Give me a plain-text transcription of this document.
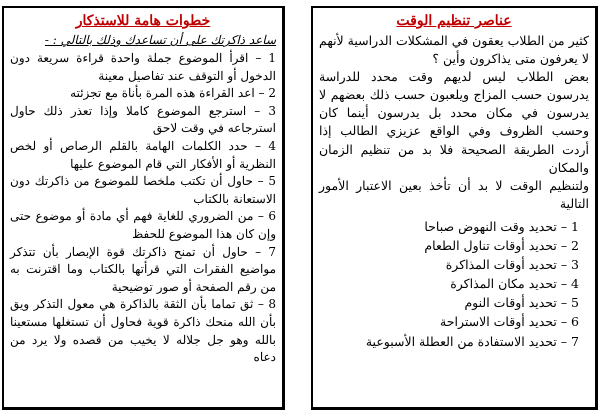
عناصر تنظيم الوقت

كثير من الطلاب يعقون في المشكلات الدراسية لأنهم لا يعرفون متى يذاكرون وأين ؟

بعض الطلاب ليس لديهم وقت محدد للدراسة يدرسون حسب المزاج ويلعبون حسب ذلك بعضهم لا يدرسون في مكان محدد بل يدرسون أينما كان وحسب الظروف وفي الواقع عزيزي الطالب إذا أردت الطريقة الصحيحة فلا بد من تنظيم الزمان والمكان

ولتنظيم الوقت لا بد أن تأخذ بعين الاعتبار الأمور التالية

1 – تحديد وقت النهوض صباحا
2 – تحديد أوقات تناول الطعام
3 – تحديد أوقات المذاكرة
4 – تحديد مكان المذاكرة
5 – تحديد أوقات النوم
6 – تحديد أوقات الاستراحة
7 – تحديد الاستفادة من العطلة الأسبوعية
خطوات هامة للاستذكار
ساعد ذاكرتك على أن تساعدك وذلك بالتالي : -

1 – اقرأ الموضوع جملة واحدة قراءة سريعة دون الدخول أو التوقف عند تفاصيل معينة

2 – اعد القراءة هذه المرة بأناة مع تجزئته

3 – استرجع الموضوع كاملا وإذا تعذر ذلك حاول استرجاعه في وقت لاحق

4 – حدد الكلمات الهامة بالقلم الرصاص أو لخص النظرية أو الأفكار التي قام الموضوع عليها

5 – حاول أن تكتب ملخصا للموضوع من ذاكرتك دون الاستعانة بالكتاب

6 – من الضروري للغاية فهم أي مادة أو موضوع حتى وإن كان هذا الموضوع للحفظ

7 – حاول أن تمنح ذاكرتك قوة الإبصار بأن تتذكر مواضيع الفقرات التي قرأتها بالكتاب وما اقترنت به من رقم الصفحة أو صور توضيحية

8 – ثق تماما بأن الثقة بالذاكرة هي معول التذكر ويق بأن الله منحك ذاكرة قوية فحاول أن تستغلها مستعينا بالله وهو جل جلاله لا يخيب من قصده ولا يرد من دعاه
